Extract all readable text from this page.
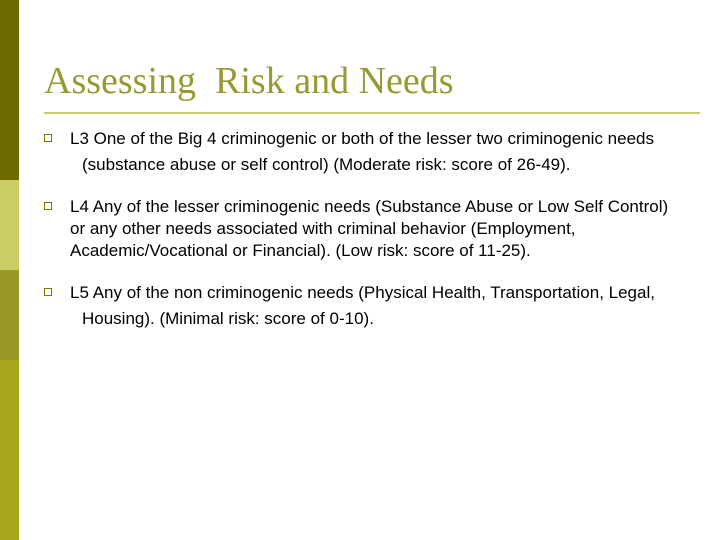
Assessing  Risk and Needs
L3 One of the Big 4 criminogenic or both of the lesser two criminogenic needs
(substance abuse or self control) (Moderate risk: score of 26-49).
L4 Any of the lesser criminogenic needs (Substance Abuse or Low Self Control) or any other needs associated with criminal behavior (Employment, Academic/Vocational or Financial). (Low risk: score of 11-25).
L5 Any of the non criminogenic needs (Physical Health, Transportation, Legal,
Housing). (Minimal risk: score of 0-10).
